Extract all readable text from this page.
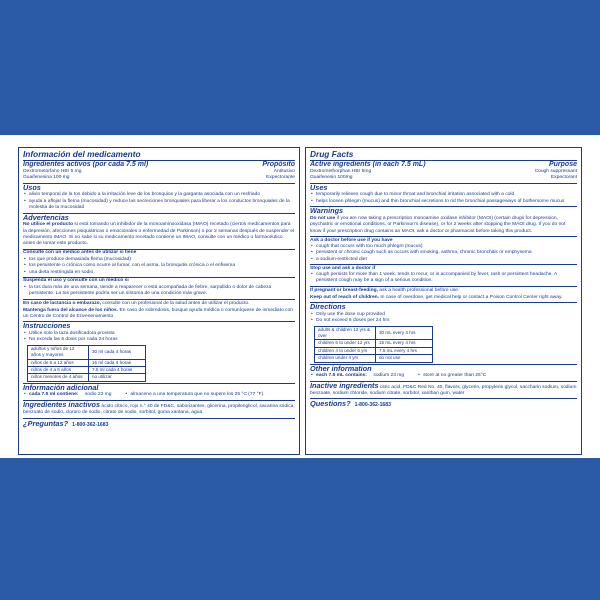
Información del medicamento
Ingredientes activos (por cada 7.5 ml)	Propósito
Dextrometorfano HBr 5 mg	Antitusivo
Guaifenesina 100 mg	Expectorante
Usos
• alivio temporal de la tos debido a la irritación leve de los bronquios y la garganta asociada con un resfriado
• ayuda a aflojar la flema (mucosidad) y reduce las secreciones bronquiales para liberar a los conductos bronquiales de la molestia de la mucosidad
Advertencias
No utilice el producto si está tomando un inhibidor de la monoaminooxidasa (IMAO) recetado (ciertos medicamentos para la depresión, afecciones psiquiátricas o emocionales o enfermedad de Parkinson) o por 2 semanas después de suspender el medicamento IMAO. Si no sabe si su medicamento recetado contiene un IMAO, consulte con un médico o farmacéutico antes de tomar este producto.
Consulte con un médico antes de utilizar si tiene
• tos que produce demasiada flema (mucosidad)
• tos persistente o crónica como ocurre al fumar, con el asma, la bronquitis crónica o el enfisema
• una dieta restringida en sodio
Suspenda el uso y consulte con un médico si
• la tos dura más de una semana, tiende a reaparecer o está acompañada de fiebre, sarpullido o dolor de cabeza persistente. La tos persistente podría ser un síntoma de una condición más grave.
En caso de lactancia o embarazo, consulte con un profesional de la salud antes de utilizar el producto.
Mantenga fuera del alcance de los niños. En caso de sobredosis, busque ayuda médica o comuníquese de inmediato con un Centro de Control de Envenenamiento.
Instrucciones
• Utilice solo la taza dosificadora provista
• No exceda las 6 dosis por cada 24 horas
adultos y niños de 12 años y mayores	30 ml cada 4 horas
niños de 6 a 12 años	15 ml cada 4 horas
niños de 4 a 6 años	7.5 ml cada 4 horas
niños menores de 4 años	no utilizar
Información adicional
• cada 7.5 ml contiene: sodio 23 mg	• almacene a una temperatura que no supere los 25 °C (77 °F).
Ingredientes inactivos ácido cítrico, rojo n.° 40 de FD&C, saborizantes, glicerina, propilenglicol, sacarina sódica, benzoato de sodio, cloruro de sodio, citrato de sodio, sorbitol, goma xantana, agua
¿Preguntas? 1-800-362-1683
Drug Facts
Active ingredients (in each 7.5 mL)	Purpose
Dextromethorphan HBr 5mg	Cough suppressant
Guaifenesin 100mg	Expectorant
Uses
• temporarily relieves cough due to minor throat and bronchial irritation associated with a cold
• helps loosen phlegm (mucus) and thin bronchial secretions to rid the bronchial passageways of bothersome mucus
Warnings
Do not use if you are now taking a prescription monoamine oxidase inhibitor (MAOI) (certain drugs for depression, psychiatric or emotional conditions, or Parkinson's disease), or for 2 weeks after stopping the MAOI drug. If you do not know if your prescription drug contains an MAOI, ask a doctor or pharmacist before taking this product.
Ask a doctor before use if you have
• cough that occurs with too much phlegm (mucus)
• persistent or chronic cough such as occurs with smoking, asthma, chronic bronchitis or emphysema
• a sodium-restricted diet
Stop use and ask a doctor if
• cough persists for more than 1 week, tends to recur, or is accompanied by fever, rash or persistent headache. A persistent cough may be a sign of a serious condition.
If pregnant or breast-feeding, ask a health professional before use.
Keep out of reach of children. In case of overdose, get medical help or contact a Poison Control Center right away.
Directions
• Only use the dose cup provided
• Do not exceed 6 doses per 24 hrs
adults & children 12 yrs & over	30 mL every 4 hrs
children 6 to under 12 yrs	15 mL every 4 hrs
children 4 to under 6 yrs	7.5 mL every 4 hrs
children under 4 yrs	do not use
Other information
• each 7.5 mL contains: sodium 23 mg	• store at no greater than 25°C
Inactive ingredients citric acid, FD&C Red No. 40, flavors, glycerin, propylene glycol, saccharin sodium, sodium benzoate, sodium chloride, sodium citrate, sorbitol, xanthan gum, water
Questions? 1-800-362-1683
